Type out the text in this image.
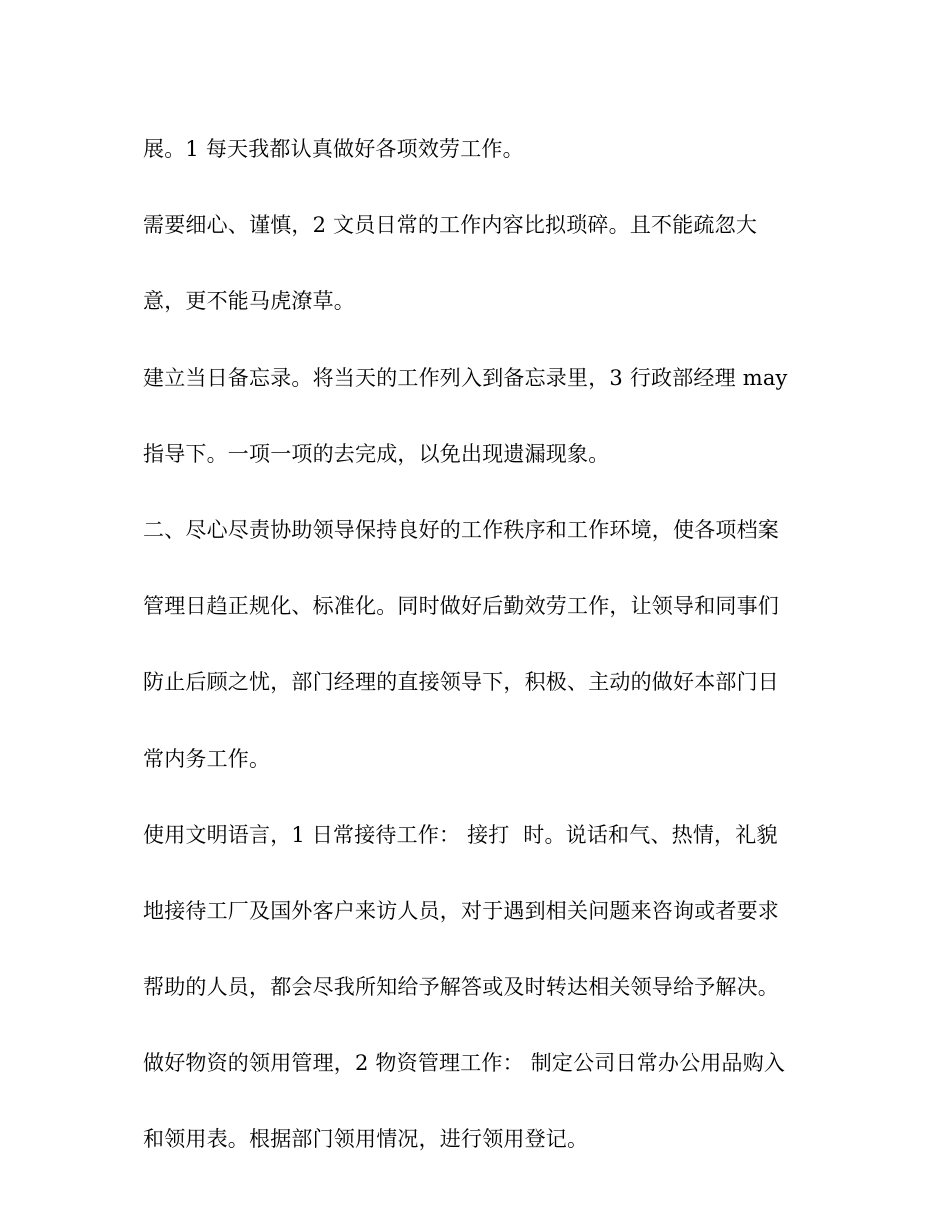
展。1 每天我都认真做好各项效劳工作。
需要细心、谨慎，2 文员日常的工作内容比拟琐碎。且不能疏忽大
意，更不能马虎潦草。
建立当日备忘录。将当天的工作列入到备忘录里，3 行政部经理 may
指导下。一项一项的去完成，以免出现遗漏现象。
二、尽心尽责协助领导保持良好的工作秩序和工作环境，使各项档案
管理日趋正规化、标准化。同时做好后勤效劳工作，让领导和同事们
防止后顾之忧，部门经理的直接领导下，积极、主动的做好本部门日
常内务工作。
使用文明语言，1 日常接待工作： 接打  时。说话和气、热情，礼貌
地接待工厂及国外客户来访人员，对于遇到相关问题来咨询或者要求
帮助的人员，都会尽我所知给予解答或及时转达相关领导给予解决。
做好物资的领用管理，2 物资管理工作： 制定公司日常办公用品购入
和领用表。根据部门领用情况，进行领用登记。
